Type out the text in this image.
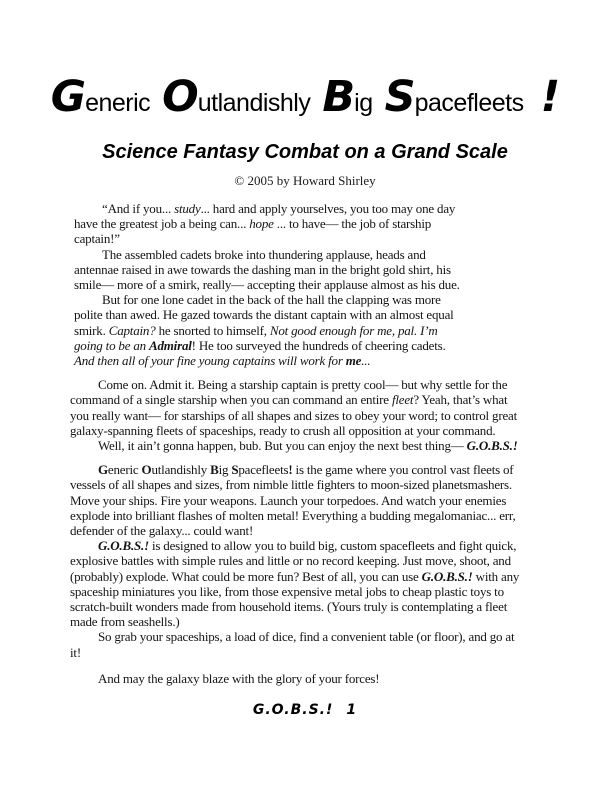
Generic Outlandishly Big Spacefleets !
Science Fantasy Combat on a Grand Scale
© 2005 by Howard Shirley
“And if you... study... hard and apply yourselves, you too may one day
have the greatest job a being can... hope ... to have— the job of starship
captain!”
The assembled cadets broke into thundering applause, heads and
antennae raised in awe towards the dashing man in the bright gold shirt, his
smile— more of a smirk, really— accepting their applause almost as his due.
But for one lone cadet in the back of the hall the clapping was more
polite than awed. He gazed towards the distant captain with an almost equal
smirk. Captain? he snorted to himself, Not good enough for me, pal. I’m
going to be an Admiral! He too surveyed the hundreds of cheering cadets.
And then all of your fine young captains will work for me...
Come on. Admit it. Being a starship captain is pretty cool— but why settle for the
command of a single starship when you can command an entire fleet? Yeah, that’s what
you really want— for starships of all shapes and sizes to obey your word; to control great
galaxy-spanning fleets of spaceships, ready to crush all opposition at your command.
Well, it ain’t gonna happen, bub. But you can enjoy the next best thing— G.O.B.S.!
Generic Outlandishly Big Spacefleets! is the game where you control vast fleets of
vessels of all shapes and sizes, from nimble little fighters to moon-sized planetsmashers.
Move your ships. Fire your weapons. Launch your torpedoes. And watch your enemies
explode into brilliant flashes of molten metal! Everything a budding megalomaniac... err,
defender of the galaxy... could want!
G.O.B.S.! is designed to allow you to build big, custom spacefleets and fight quick,
explosive battles with simple rules and little or no record keeping. Just move, shoot, and
(probably) explode. What could be more fun? Best of all, you can use G.O.B.S.! with any
spaceship miniatures you like, from those expensive metal jobs to cheap plastic toys to
scratch-built wonders made from household items. (Yours truly is contemplating a fleet
made from seashells.)
So grab your spaceships, a load of dice, find a convenient table (or floor), and go at
it!
And may the galaxy blaze with the glory of your forces!
G.O.B.S.! 1
